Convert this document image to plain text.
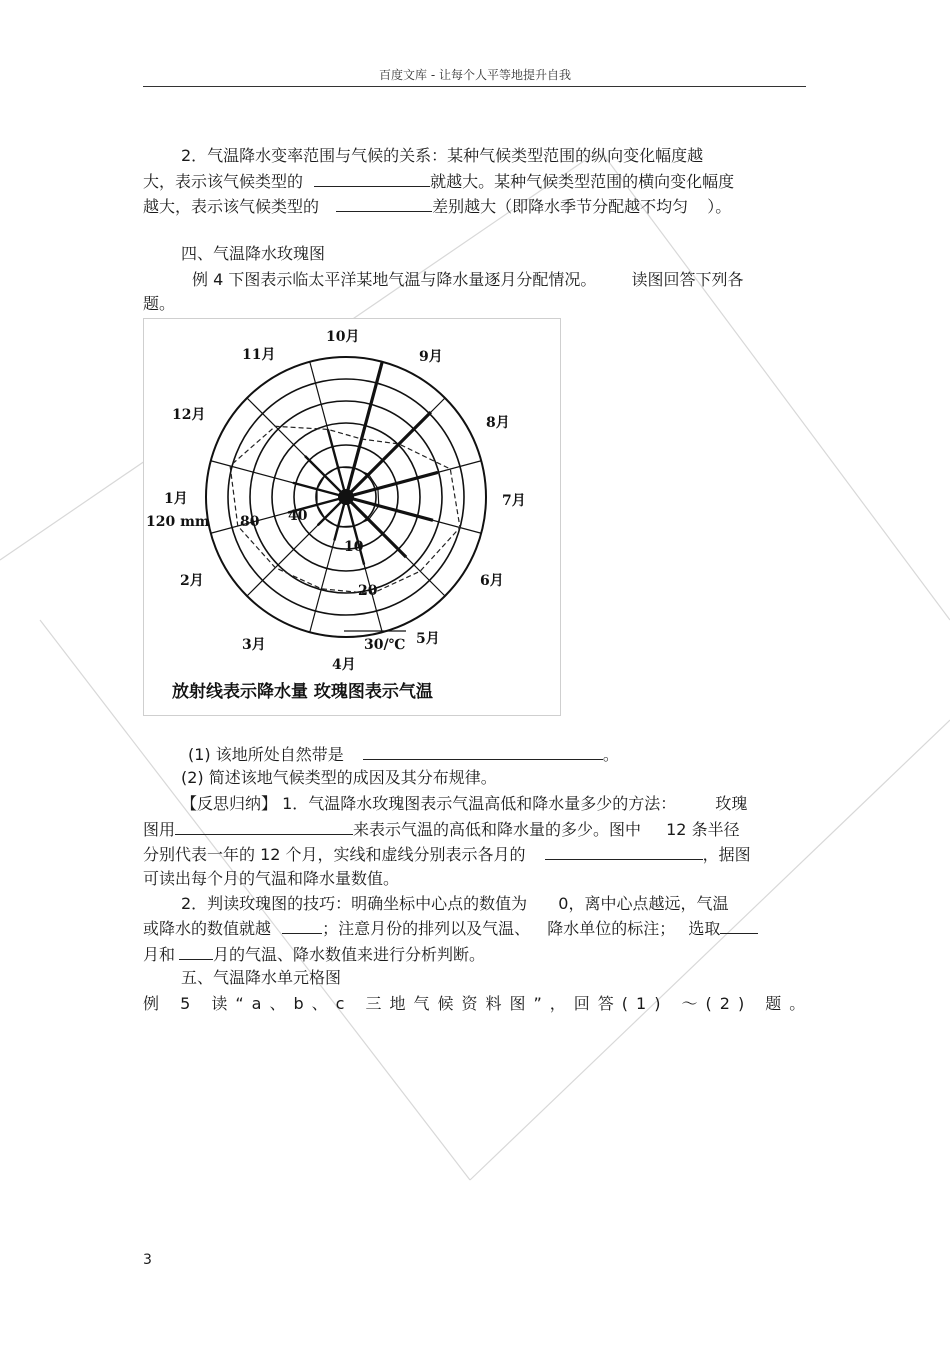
百度文库 - 让每个人平等地提升自我
2．气温降水变率范围与气候的关系：某种气候类型范围的纵向变化幅度越
大，表示该气候类型的	就越大。某种气候类型范围的横向变化幅度
越大，表示该气候类型的	差别越大（即降水季节分配越不均匀 ）。
四、气温降水玫瑰图
例 4 下图表示临太平洋某地气温与降水量逐月分配情况。 读图回答下列各
题。
10月
11月	9月
12月	8月
1月	7月
120 mm 80 40
10
2月	6月
20
3月	30/℃ 5月
4月
放射线表示降水量 玫瑰图表示气温
(1) 该地所处自然带是	。
(2) 简述该地气候类型的成因及其分布规律。
【反思归纳】 1．气温降水玫瑰图表示气温高低和降水量多少的方法： 玫瑰
图用	来表示气温的高低和降水量的多少。图中 12 条半径
分别代表一年的 12 个月，实线和虚线分别表示各月的	，据图
可读出每个月的气温和降水量数值。
2．判读玫瑰图的技巧：明确坐标中心点的数值为 0，离中心点越远，气温
或降水的数值就越	；注意月份的排列以及气温、 降水单位的标注； 选取
月和 月的气温、降水数值来进行分析判断。
五、气温降水单元格图
例 5 读“a、b、c 三地气候资料图”，回答(1) ～(2) 题。
3
